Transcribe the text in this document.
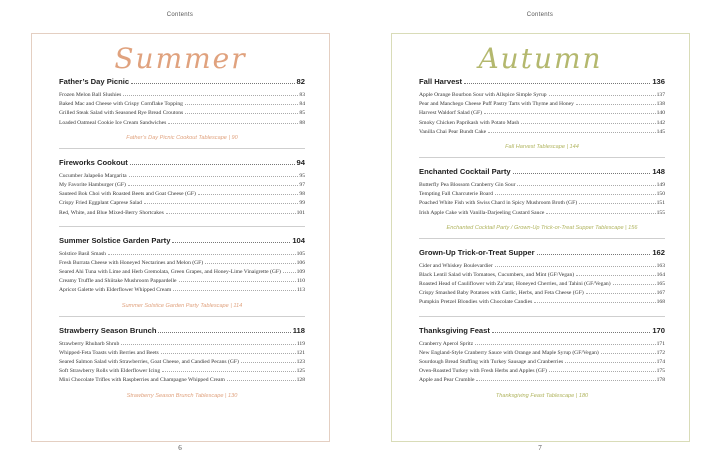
Contents
Summer
Father’s Day Picnic	82
Frozen Melon Ball Slushies	83
Baked Mac and Cheese with Crispy Cornflake Topping	84
Grilled Steak Salad with Seasoned Rye Bread Croutons	85
Loaded Oatmeal Cookie Ice Cream Sandwiches	88
Father’s Day Picnic Cookout Tablescape | 90
Fireworks Cookout	94
Cucumber Jalapeño Margarita	95
My Favorite Hamburger (GF)	97
Sauteed Bok Choi with Roasted Beets and Goat Cheese (GF)	98
Crispy Fried Eggplant Caprese Salad	99
Red, White, and Blue Mixed-Berry Shortcakes	101
Summer Solstice Garden Party	104
Solstice Basil Smash	105
Fresh Burrata Cheese with Honeyed Nectarines and Melon (GF)	106
Seared Ahi Tuna with Lime and Herb Gremolata, Green Grapes, and Honey-Lime Vinaigrette (GF)	109
Creamy Truffle and Shiitake Mushroom Pappardelle	110
Apricot Galette with Elderflower Whipped Cream	113
Summer Solstice Garden Party Tablescape | 114
Strawberry Season Brunch	118
Strawberry Rhubarb Shrub	119
Whipped-Feta Toasts with Berries and Beets	121
Seared Salmon Salad with Strawberries, Goat Cheese, and Candied Pecans (GF)	123
Soft Strawberry Rolls with Elderflower Icing	125
Mini Chocolate Trifles with Raspberries and Champagne Whipped Cream	128
Strawberry Season Brunch Tablescape | 130
6
Contents
Autumn
Fall Harvest	136
Apple Orange Bourbon Sour with Allspice Simple Syrup	137
Pear and Manchego Cheese Puff Pastry Tarts with Thyme and Honey	138
Harvest Waldorf Salad (GF)	140
Smoky Chicken Paprikash with Potato Mash	142
Vanilla Chai Pear Bundt Cake	145
Fall Harvest Tablescape | 144
Enchanted Cocktail Party	148
Butterfly Pea Blossom Cranberry Gin Sour	149
Tempting Fall Charcuterie Board	150
Poached White Fish with Swiss Chard in Spicy Mushroom Broth (GF)	151
Irish Apple Cake with Vanilla-Darjeeling Custard Sauce	155
Enchanted Cocktail Party / Grown-Up Trick-or-Treat Supper Tablescape | 156
Grown-Up Trick-or-Treat Supper	162
Cider and Whiskey Boulevardier	163
Black Lentil Salad with Tomatoes, Cucumbers, and Mint (GF/Vegan)	164
Roasted Head of Cauliflower with Za’atar, Honeyed Cherries, and Tahini (GF/Vegan)	165
Crispy Smashed Baby Potatoes with Garlic, Herbs, and Feta Cheese (GF)	167
Pumpkin Pretzel Blondies with Chocolate Candies	168
Thanksgiving Feast	170
Cranberry Aperol Spritz	171
New England-Style Cranberry Sauce with Orange and Maple Syrup (GF/Vegan)	172
Sourdough Bread Stuffing with Turkey Sausage and Cranberries	174
Oven-Roasted Turkey with Fresh Herbs and Apples (GF)	175
Apple and Pear Crumble	178
Thanksgiving Feast Tablescape | 180
7
